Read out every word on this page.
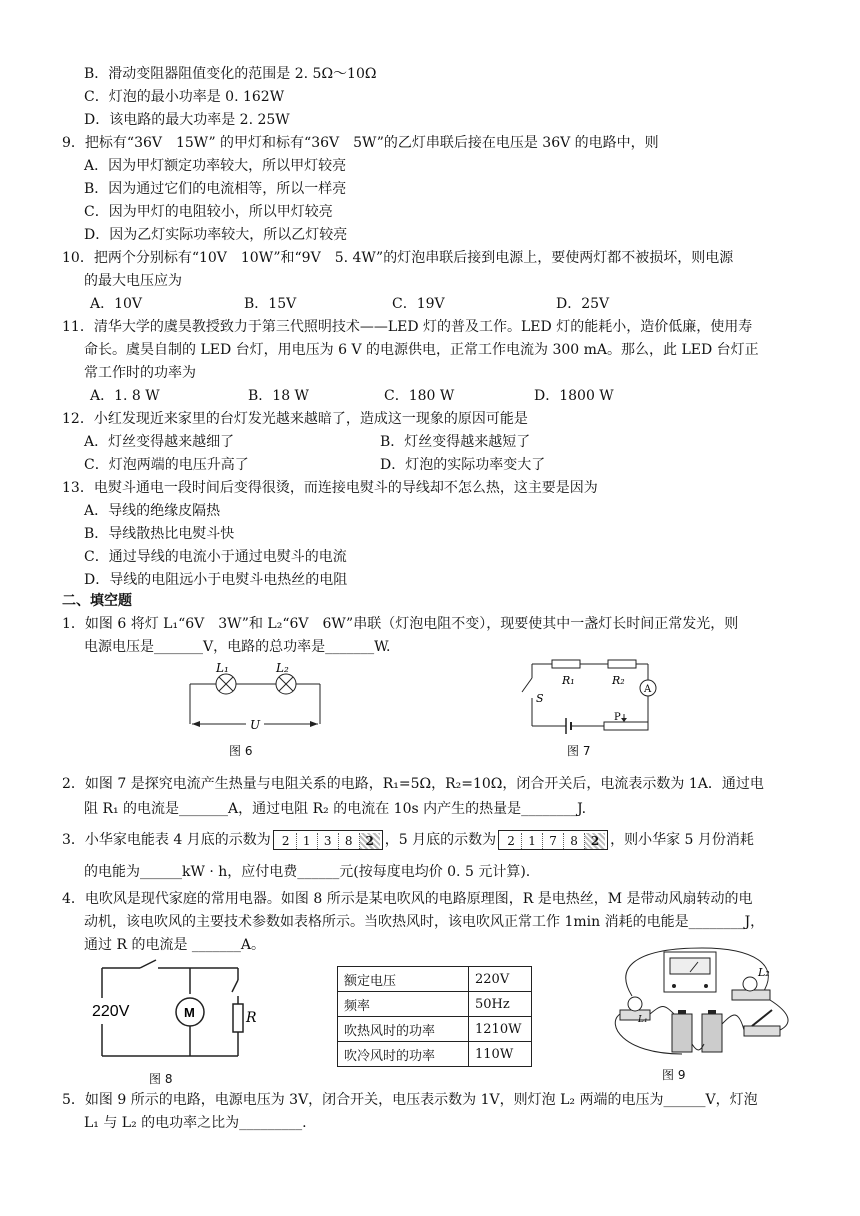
B．滑动变阻器阻值变化的范围是 2. 5Ω～10Ω
C．灯泡的最小功率是 0. 162W
D．该电路的最大功率是 2. 25W
9．把标有“36V　15W” 的甲灯和标有“36V　5W”的乙灯串联后接在电压是 36V 的电路中，则
A．因为甲灯额定功率较大，所以甲灯较亮
B．因为通过它们的电流相等，所以一样亮
C．因为甲灯的电阻较小，所以甲灯较亮
D．因为乙灯实际功率较大，所以乙灯较亮
10．把两个分别标有“10V　10W”和“9V　5. 4W”的灯泡串联后接到电源上，要使两灯都不被损坏，则电源
的最大电压应为
A．10V	B．15V	C．19V	D．25V
11．清华大学的虞昊教授致力于第三代照明技术——LED 灯的普及工作。LED 灯的能耗小，造价低廉，使用寿
命长。虞昊自制的 LED 台灯，用电压为 6 V 的电源供电，正常工作电流为 300 mA。那么，此 LED 台灯正
常工作时的功率为
A．1. 8 W	B．18 W	C．180 W	D．1800 W
12．小红发现近来家里的台灯发光越来越暗了，造成这一现象的原因可能是
A．灯丝变得越来越细了	B．灯丝变得越来越短了
C．灯泡两端的电压升高了	D．灯泡的实际功率变大了
13．电熨斗通电一段时间后变得很烫，而连接电熨斗的导线却不怎么热，这主要是因为
A．导线的绝缘皮隔热
B．导线散热比电熨斗快
C．通过导线的电流小于通过电熨斗的电流
D．导线的电阻远小于电熨斗电热丝的电阻
二、填空题
1．如图 6 将灯 L₁“6V　3W”和 L₂“6V　6W”串联（灯泡电阻不变），现要使其中一盏灯长时间正常发光，则
电源电压是_______V，电路的总功率是_______W.
L₁	L₂
U
图 6
R₁	R₂
A
S
P
图 7
2．如图 7 是探究电流产生热量与电阻关系的电路，R₁=5Ω，R₂=10Ω，闭合开关后，电流表示数为 1A．通过电
阻 R₁ 的电流是_______A，通过电阻 R₂ 的电流在 10s 内产生的热量是________J.
3．小华家电能表 4 月底的示数为 2 1 3 8 2 ，5 月底的示数为 2 1 7 8 2 ，则小华家 5 月份消耗
的电能为______kW · h，应付电费______元(按每度电均价 0. 5 元计算).
4．电吹风是现代家庭的常用电器。如图 8 所示是某电吹风的电路原理图，R 是电热丝，M 是带动风扇转动的电
动机，该电吹风的主要技术参数如表格所示。当吹热风时，该电吹风正常工作 1min 消耗的电能是________J，
通过 R 的电流是 _______A。
220V	M	R
图 8
额定电压	220V
频率	50Hz
吹热风时的功率	1210W
吹冷风时的功率	110W
L₂
L₁
图 9
5．如图 9 所示的电路，电源电压为 3V，闭合开关，电压表示数为 1V，则灯泡 L₂ 两端的电压为______V，灯泡
L₁ 与 L₂ 的电功率之比为_________.
